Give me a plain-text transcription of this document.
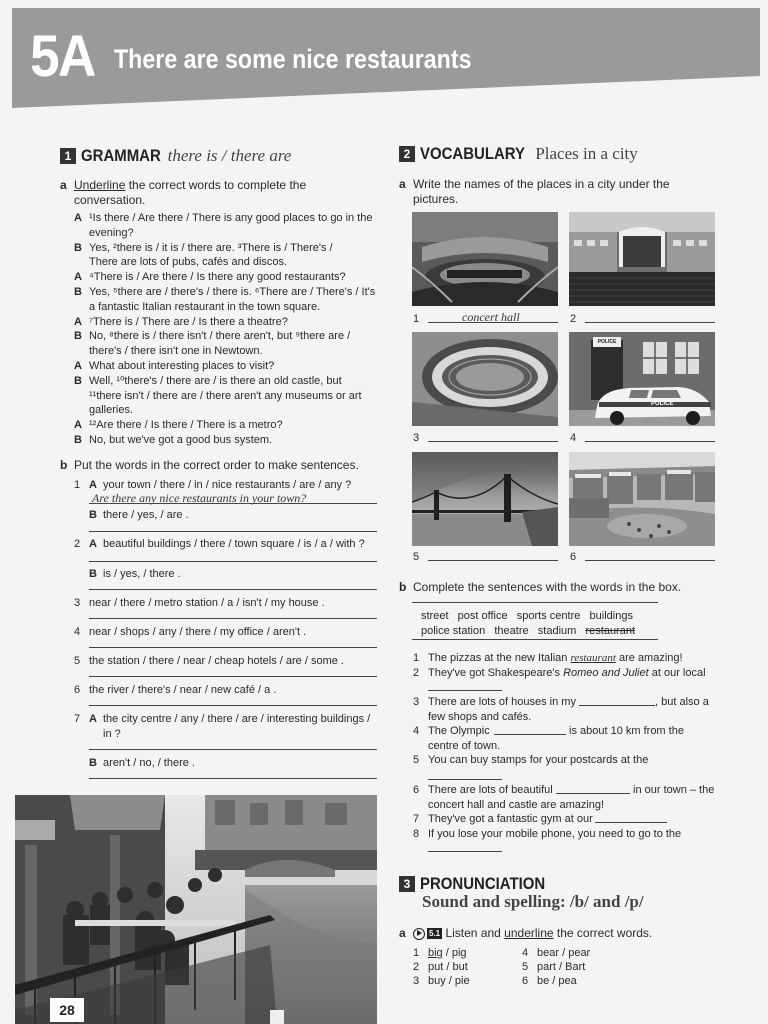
5A There are some nice restaurants
1 GRAMMAR there is / there are
a Underline the correct words to complete the
conversation.
A ¹Is there / Are there / There is any good places to go in the
evening?
B Yes, ²there is / it is / there are. ³There is / There's /
There are lots of pubs, cafés and discos.
A ⁴There is / Are there / Is there any good restaurants?
B Yes, ⁵there are / there's / there is. ⁶There are / There's / It's
a fantastic Italian restaurant in the town square.
A ⁷There is / There are / Is there a theatre?
B No, ⁸there is / there isn't / there aren't, but ⁹there are /
there's / there isn't one in Newtown.
A What about interesting places to visit?
B Well, ¹⁰there's / there are / is there an old castle, but
¹¹there isn't / there are / there aren't any museums or art
galleries.
A ¹²Are there / Is there / There is a metro?
B No, but we've got a good bus system.
b Put the words in the correct order to make sentences.
1 A your town / there / in / nice restaurants / are / any ?
Are there any nice restaurants in your town?
B there / yes, / are .
2 A beautiful buildings / there / town square / is / a / with ?
B is / yes, / there .
3 near / there / metro station / a / isn't / my house .
4 near / shops / any / there / my office / aren't .
5 the station / there / near / cheap hotels / are / some .
6 the river / there's / near / new café / a .
7 A the city centre / any / there / are / interesting buildings /
in ?
B aren't / no, / there .
28
2 VOCABULARY Places in a city
a Write the names of the places in a city under the
pictures.
1	concert hall	2
3
POLICE
POLICE
4
5	6
b Complete the sentences with the words in the box.
street   post office   sports centre   buildings
police station   theatre   stadium   restaurant
1 The pizzas at the new Italian restaurant are amazing!
2 They've got Shakespeare's Romeo and Juliet at our local
3 There are lots of houses in my	, but also a
few shops and cafés.
4 The Olympic	is about 10 km from the
centre of town.
5 You can buy stamps for your postcards at the
6 There are lots of beautiful	in our town – the
concert hall and castle are amazing!
7 They've got a fantastic gym at our
8 If you lose your mobile phone, you need to go to the
3 PRONUNCIATION
Sound and spelling: /b/ and /p/
a	5.1 Listen and underline the correct words.
1 big / pig
2 put / but
3 buy / pie
4 bear / pear
5 part / Bart
6 be / pea
